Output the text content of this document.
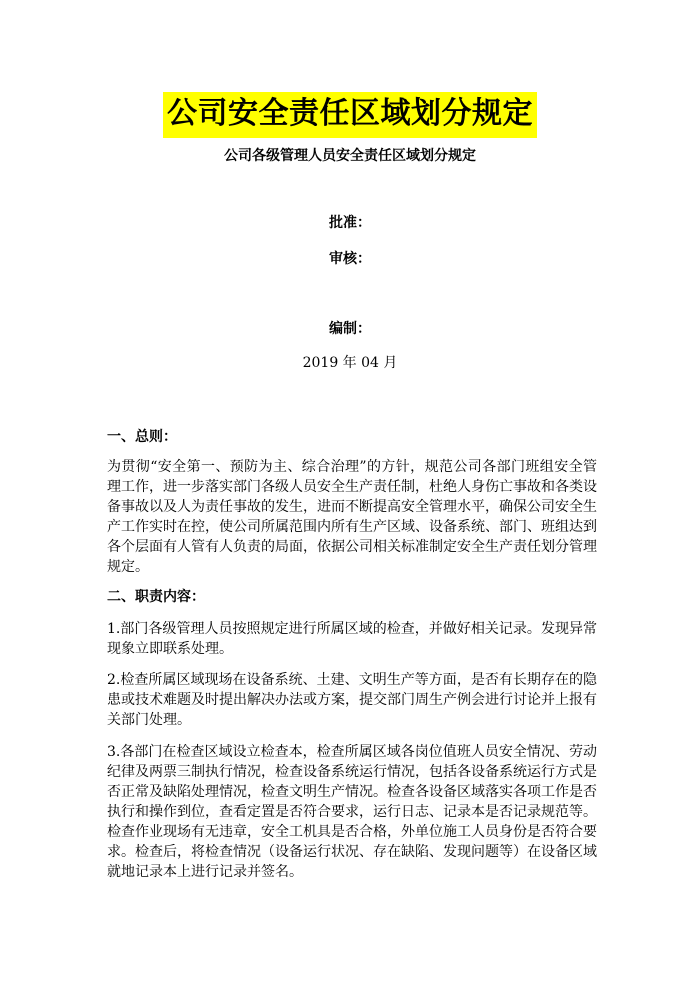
公司安全责任区域划分规定
公司各级管理人员安全责任区域划分规定
批准：
审核：
编制：
2019 年 04 月
一、总则：
为贯彻“安全第一、预防为主、综合治理”的方针，规范公司各部门班组安全管理工作，进一步落实部门各级人员安全生产责任制，杜绝人身伤亡事故和各类设备事故以及人为责任事故的发生，进而不断提高安全管理水平，确保公司安全生产工作实时在控，使公司所属范围内所有生产区域、设备系统、部门、班组达到各个层面有人管有人负责的局面，依据公司相关标准制定安全生产责任划分管理规定。
二、职责内容：
1.部门各级管理人员按照规定进行所属区域的检查，并做好相关记录。发现异常现象立即联系处理。
2.检查所属区域现场在设备系统、土建、文明生产等方面，是否有长期存在的隐患或技术难题及时提出解决办法或方案，提交部门周生产例会进行讨论并上报有关部门处理。
3.各部门在检查区域设立检查本，检查所属区域各岗位值班人员安全情况、劳动纪律及两票三制执行情况，检查设备系统运行情况，包括各设备系统运行方式是否正常及缺陷处理情况，检查文明生产情况。检查各设备区域落实各项工作是否执行和操作到位，查看定置是否符合要求，运行日志、记录本是否记录规范等。检查作业现场有无违章，安全工机具是否合格，外单位施工人员身份是否符合要求。检查后，将检查情况（设备运行状况、存在缺陷、发现问题等）在设备区域就地记录本上进行记录并签名。
